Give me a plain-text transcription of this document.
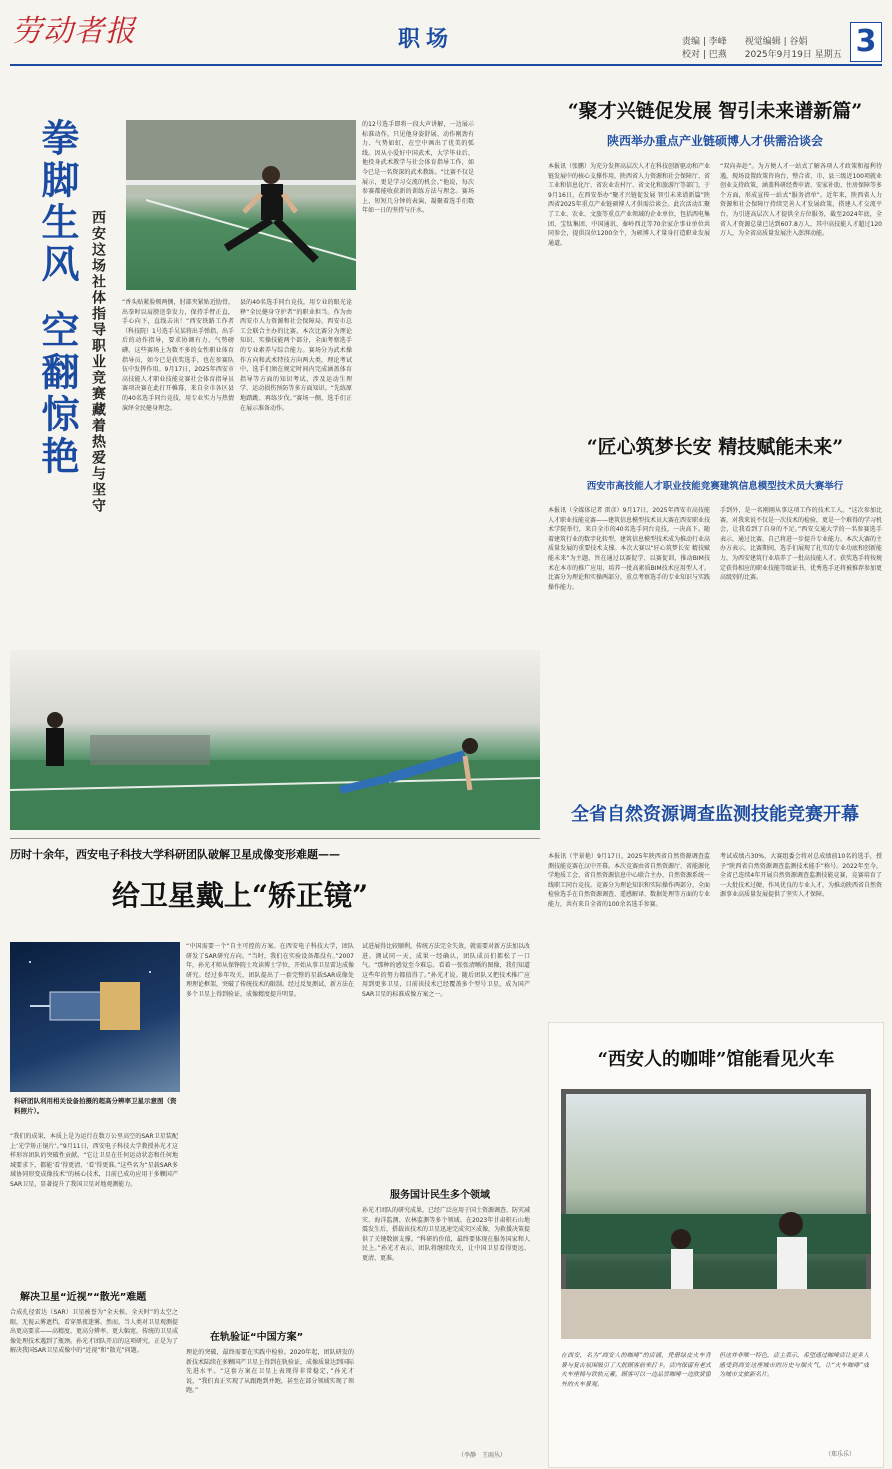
劳动者报	职场	责编 | 李峰　　视觉编辑 | 谷娟
校对 | 巴燕　　2025年9月19日 星期五 3
拳脚生风
空翻惊艳 西安这场社体指导职业竞赛藏着热爱与坚守	“香头贴紧脸颊两侧，肘部夹紧贴近肋骨，出拳时以肩膀送拳发力，保持手臂正直，手心向下，直线击出！”西安铁路工作者（科技院）1号选手吴某将出手弹指、出手后的动作指导，要求协调有力、气势磅礴。这些赛场上为数不多的女性职业体育指导员，如今已是获奖选手，也在参赛队伍中发挥作用。9月17日，2025年西安市高技能人才职业技能竞赛社会体育指导员赛项决赛在此打开帷幕，来自全市各区县的40名选手同台竞技，用专业实力与热情演绎全民健身理念。
县的40名选手同台竞技，用专业的眼光诠释“全民健身守护者”的职业担当。作为由西安市人力资源和社会保障局、西安市总工会联合主办的比赛，本次比赛分为理论知识、实操技能两个部分，全面考察选手的专业素养与综合能力。赛场分为武术操作方向和武术特技方向两大类，理论考试中，选手们须在规定时间内完成涵盖体育指导等方面的知识考试，涉及运动生理学、运动损伤预防等多方面知识。“先练原地踏跳、再练步伐。”赛场一侧，选手们正在展示准备动作。
的12号选手即将一段大声讲解，一边展示标准动作，只见他身姿舒展、动作刚劲有力、气势如虹，在空中画出了优美的弧线。因从小爱好中国武术，大学毕业后，他投身武术教学与社会体育指导工作，如今已是一名资深的武术教练。“比赛不仅是展示，更是学习交流的机会。”他说，每次参赛都能收获新的训练方法与理念。赛场上，短短几分钟的表演，凝聚着选手们数年如一日的坚持与汗水。
“聚才兴链促发展 智引未来谱新篇”
陕西举办重点产业链硕博人才供需洽谈会
本报讯（张鹏）为充分发挥高层次人才在科技创新驱动和产业链发展中的核心支撑作用，陕西省人力资源和社会保障厅、省工业和信息化厅、省农业农村厅、省文化和旅游厅等部门，于9月16日，在西安举办“聚才兴链促发展 智引未来谱新篇”陕西省2025年重点产业链硕博人才供需洽谈会。此次活动汇聚了工业、农业、文旅等重点产业领域的企业单位，包括西电集团、宝钛集团、中国通讯、秦岭西北等70余家企事业单位共同参会，提供岗位1200余个，为硕博人才量身打造职业发展通道。
“双向奔赴”。为方便人才一站式了解各项人才政策和福利待遇，现场设置政策咨询台，整合省、市、县三级近100项就业创业支持政策，涵盖科研经费申请、安家补助、住房保障等多个方面，形成宣传一站式“服务清单”。近年来，陕西省人力资源和社会保障厅持续完善人才发展政策，搭建人才交流平台，为引进高层次人才提供全方位服务，截至2024年底，全省人才资源总量已达到607.8万人，其中高技能人才超过120万人，为全省高质量发展注入澎湃动能。
“匠心筑梦长安 精技赋能未来”
西安市高技能人才职业技能竞赛建筑信息模型技术员大赛举行
本报讯（全媒体记者 雷彦）9月17日，2025年西安市高技能人才职业技能竞赛——建筑信息模型技术员大赛在西安职业技术学院举行，来自全市的40名选手同台竞技，一决高下。随着建筑行业的数字化转型，建筑信息模型技术成为推动行业高质量发展的重要技术支撑。本次大赛以“匠心筑梦长安 精技赋能未来”为主题，旨在通过以赛促学、以赛促训，推动BIM技术在本市的推广应用，培养一批高素质BIM技术应用型人才。比赛分为理论和实操两部分，重点考察选手的专业知识与实践操作能力。
手到外，是一名刚刚从事这项工作的技术工人。“这次参加比赛，对我来说不仅是一次技术的检验，更是一个难得的学习机会，让我看到了自身的不足。”西安交通大学的一名参赛选手表示，通过比赛，自己将进一步提升专业能力。本次大赛的主办方表示，比赛期间，选手们展现了扎实的专业功底和创新能力，为西安建筑行业培养了一批高技能人才。获奖选手将按规定获得相应的职业技能等级证书，优秀选手还将被推荐参加更高级别的比赛。
全省自然资源调查监测技能竞赛开幕
本报讯（宇景艳）9月17日，2025年陕西省自然资源调查监测技能竞赛在汉中开幕。本次竞赛由省自然资源厅、省能源化学地质工会、省自然资源信息中心联合主办，自然资源系统一线职工同台竞技。竞赛分为理论知识和实际操作两部分，全面检验选手在自然资源调查、遥感解译、数据处理等方面的专业能力，共有来自全省的100余名选手参赛。
考试成绩占30%，大赛组委会将对总成绩前10名的选手，授予“陕西省自然资源调查监测技术能手”称号。2022年至今，全省已连续4年开展自然资源调查监测技能竞赛，竞赛培育了一大批技术过硬、作风优良的专业人才，为推动陕西省自然资源事业高质量发展提供了坚实人才保障。
历时十余年，西安电子科技大学科研团队破解卫星成像变形难题——
给卫星戴上“矫正镜”
科研团队利用相关设备拍摄的超高分辨率卫星示意图（资料照片）。
“我们的成果，本质上是为运行在数万公里高空的SAR卫星装配上‘光学矫正镜片’。”9月11日，西安电子科技大学教授孙光才这样形容团队的突破性贡献。“它让卫星在任何运动状态和任何地域要求下，都能‘看’得更清、‘看’得更准。”这些名为“星载SAR多域协同形变成像技术”的核心技术，目前已成功应用于多颗国产SAR卫星，显著提升了我国卫星对地观测能力。
解决卫星“近视”“散光”难题
合成孔径雷达（SAR）卫星被誉为“全天候、全天时”的太空之眼，无视云雾遮挡，看穿黑夜迷雾。然而，当人类对卫星观测提出更高要求——高精度、更高分辨率、更大幅宽，传统的卫星成像处理技术遇到了瓶颈。孙光才团队开启的这项研究，正是为了解决我国SAR卫星成像中的“近视”和“散光”问题。
“中国需要一个”自主可控的方案。在西安电子科技大学，团队研发了SAR研究方向。“当时，我们在实验设备都没有。”2007年，孙光才师从保铮院士攻读博士学位，开始从事卫星雷达成像研究。经过多年攻关，团队提出了一套完整的星载SAR成像处理理论框架，突破了传统技术的限制。经过反复测试，新方法在多个卫星上得到验证，成像精度提升明显。
在轨验证“中国方案”
理论的突破，最终需要在实践中检验。2020年起，团队研发的新技术陆续在多颗国产卫星上得到在轨验证，成像质量达到国际先进水平。“这套方案在卫星上表现得非常稳定，”孙光才说，“我们真正实现了从跟跑到并跑，甚至在部分领域实现了领跑。”
试进展得比较顺利，传统方法完全失效，就需要对新方法加以改进。测试同一天，成果一经确认，团队成员们都松了一口气。“那种的感觉至今难忘。看着一张张清晰的图像，我们知道这些年的努力都值得了。”孙光才说。随后团队又把技术推广应用到更多卫星，目前该技术已经覆盖多个型号卫星，成为国产SAR卫星的标准成像方案之一。
服务国计民生多个领域
孙光才团队的研究成果，已经广泛应用于国土资源调查、防灾减灾、海洋监测、农林监测等多个领域。在2023年甘肃积石山地震发生后，搭载该技术的卫星迅速完成灾区成像，为救援决策提供了关键数据支撑。“科研的价值，最终要体现在服务国家和人民上。”孙光才表示，团队将继续攻关，让中国卫星看得更远、更清、更准。
（李静　王雨丛）
“西安人的咖啡”馆能看见火车
在西安，名为“西安人的咖啡”的店铺，凭借绿皮火车背景与复古氛围吸引了大批顾客前来打卡。店内保留有老式火车座椅与铁轨元素，顾客可以一边品尝咖啡一边欣赏窗外的火车景观。
但这并非唯一特色，店主表示，希望通过咖啡店让更多人感受到西安这座城市的历史与烟火气，让“火车咖啡”成为城市文旅新名片。
（郑乐乐）
